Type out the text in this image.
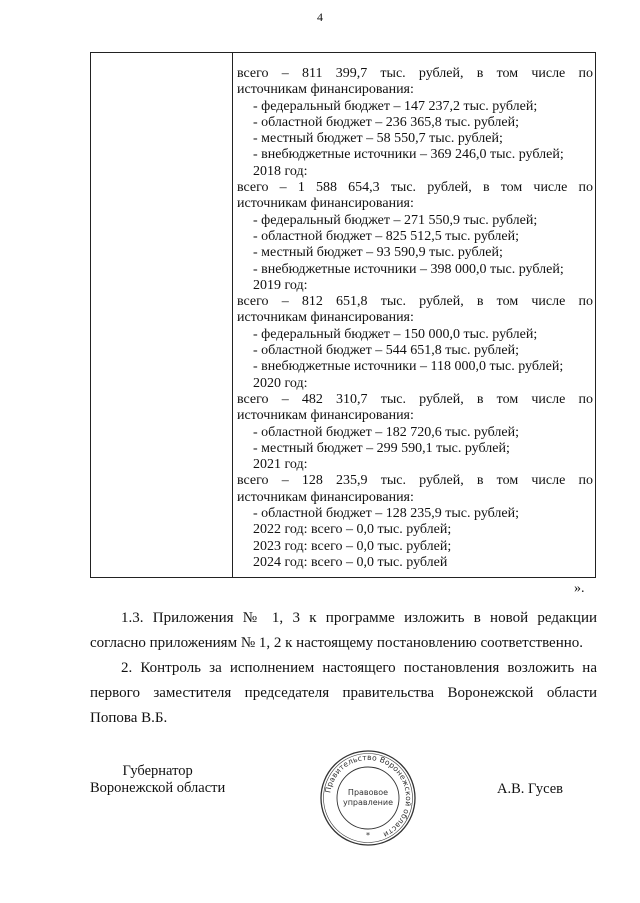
4
всего – 811 399,7 тыс. рублей, в том числе по
источникам финансирования:
- федеральный бюджет – 147 237,2 тыс. рублей;
- областной бюджет – 236 365,8 тыс. рублей;
- местный бюджет – 58 550,7 тыс. рублей;
- внебюджетные источники – 369 246,0 тыс. рублей;
2018 год:
всего – 1 588 654,3 тыс. рублей, в том числе по
источникам финансирования:
- федеральный бюджет – 271 550,9 тыс. рублей;
- областной бюджет – 825 512,5 тыс. рублей;
- местный бюджет – 93 590,9 тыс. рублей;
- внебюджетные источники – 398 000,0 тыс. рублей;
2019 год:
всего – 812 651,8 тыс. рублей, в том числе по
источникам финансирования:
- федеральный бюджет – 150 000,0 тыс. рублей;
- областной бюджет – 544 651,8 тыс. рублей;
- внебюджетные источники – 118 000,0 тыс. рублей;
2020 год:
всего – 482 310,7 тыс. рублей, в том числе по
источникам финансирования:
- областной бюджет – 182 720,6 тыс. рублей;
- местный бюджет – 299 590,1 тыс. рублей;
2021 год:
всего – 128 235,9 тыс. рублей, в том числе по
источникам финансирования:
- областной бюджет – 128 235,9 тыс. рублей;
2022 год: всего – 0,0 тыс. рублей;
2023 год: всего – 0,0 тыс. рублей;
2024 год: всего – 0,0 тыс. рублей
».
1.3. Приложения № 1, 3 к программе изложить в новой редакции
согласно приложениям № 1, 2 к настоящему постановлению соответственно.
2. Контроль за исполнением настоящего постановления возложить на
первого заместителя председателя правительства Воронежской области Попова В.Б.
Губернатор
Воронежской области	А.В. Гусев
Правительство Воронежской области
Правовое
управление
*
